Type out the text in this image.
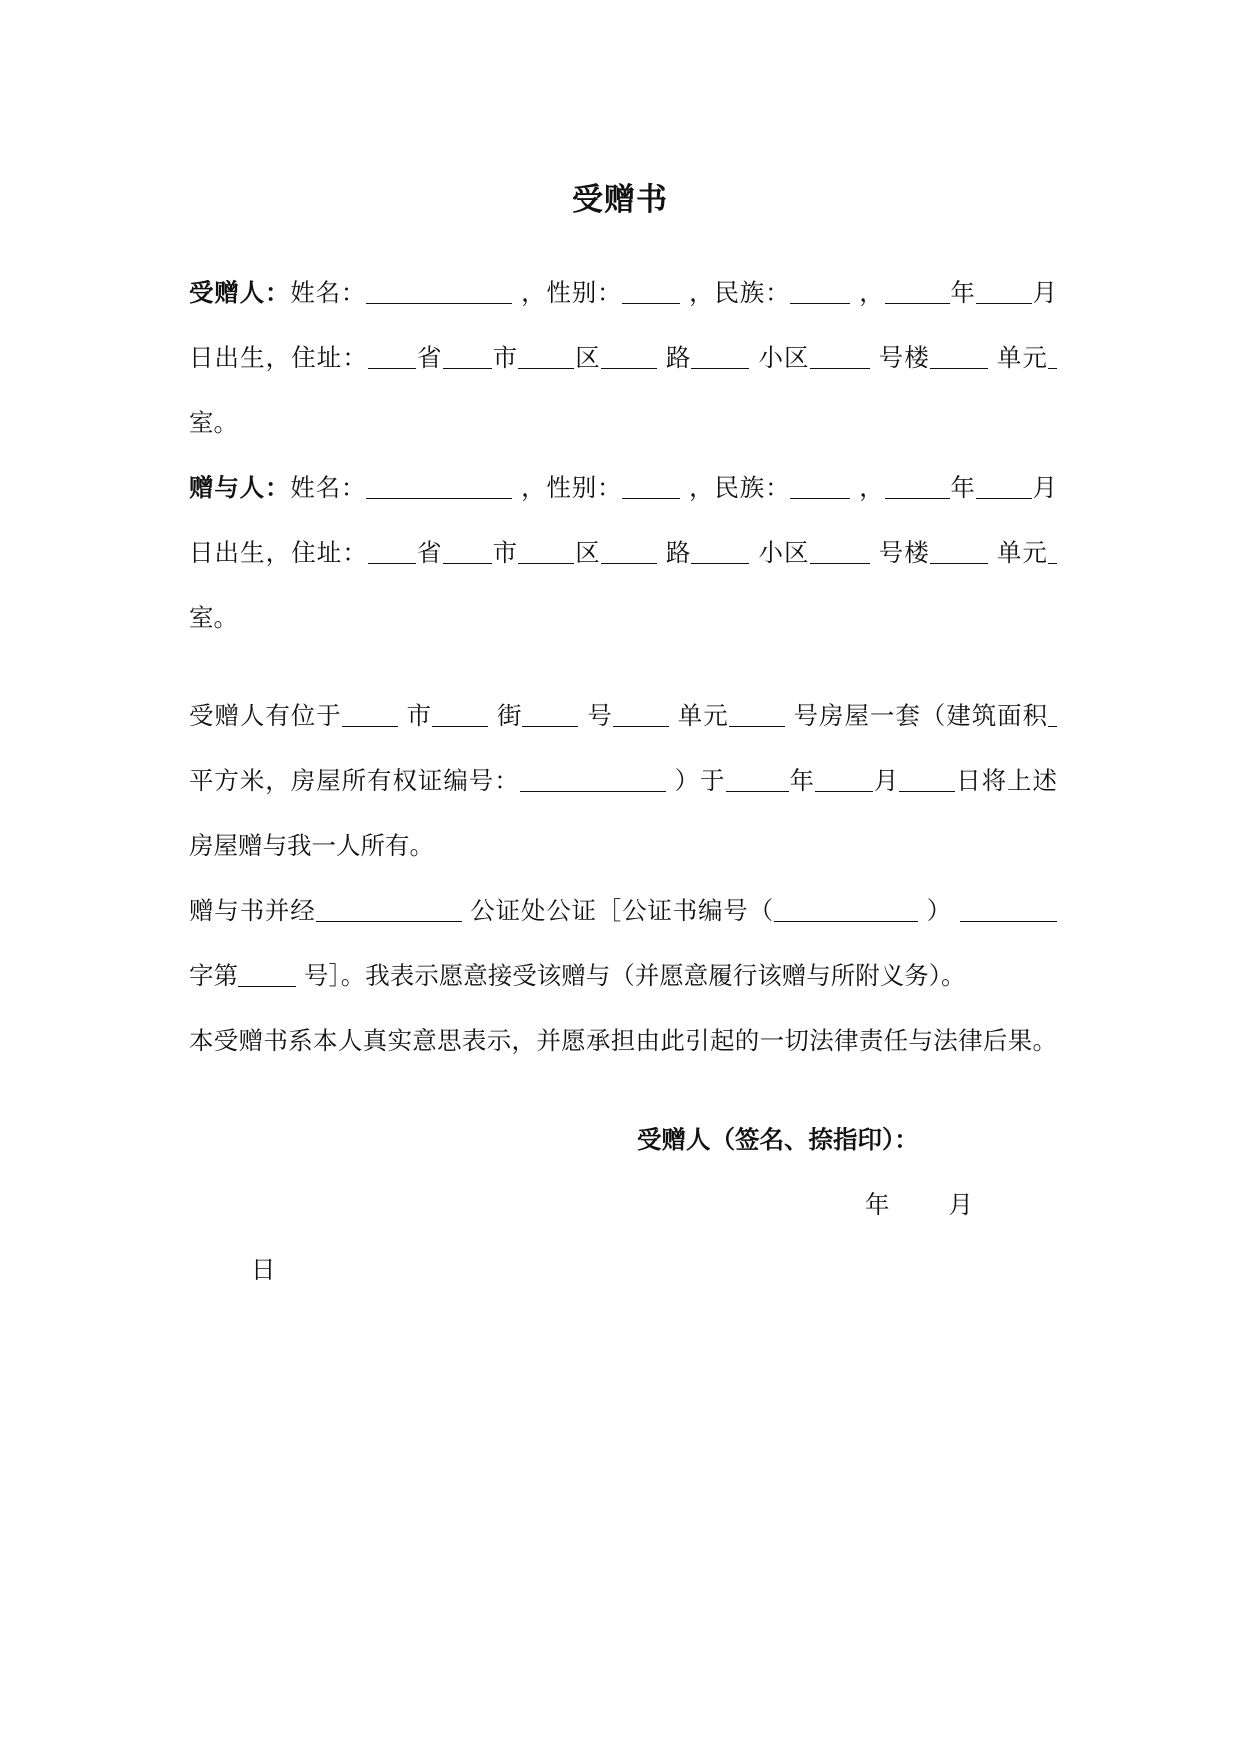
受赠书
受赠人：姓名：	，性别：	，民族：	，	年 月
日出生，住址： 省 市 区	路	小区	号楼	单元
室。
赠与人：姓名：	，性别：	，民族：	，	年 月
日出生，住址： 省 市 区	路	小区	号楼	单元
室。
受赠人有位于	市	街	号	单元	号房屋一套（建筑面积
平方米，房屋所有权证编号：	）于	年 月 日将上述
房屋赠与我一人所有。
赠与书并经	公证处公证［公证书编号（	）
字第	号］。我表示愿意接受该赠与（并愿意履行该赠与所附义务）。
本受赠书系本人真实意思表示，并愿承担由此引起的一切法律责任与法律后果。
受赠人（签名、捺指印）：
年 月日
